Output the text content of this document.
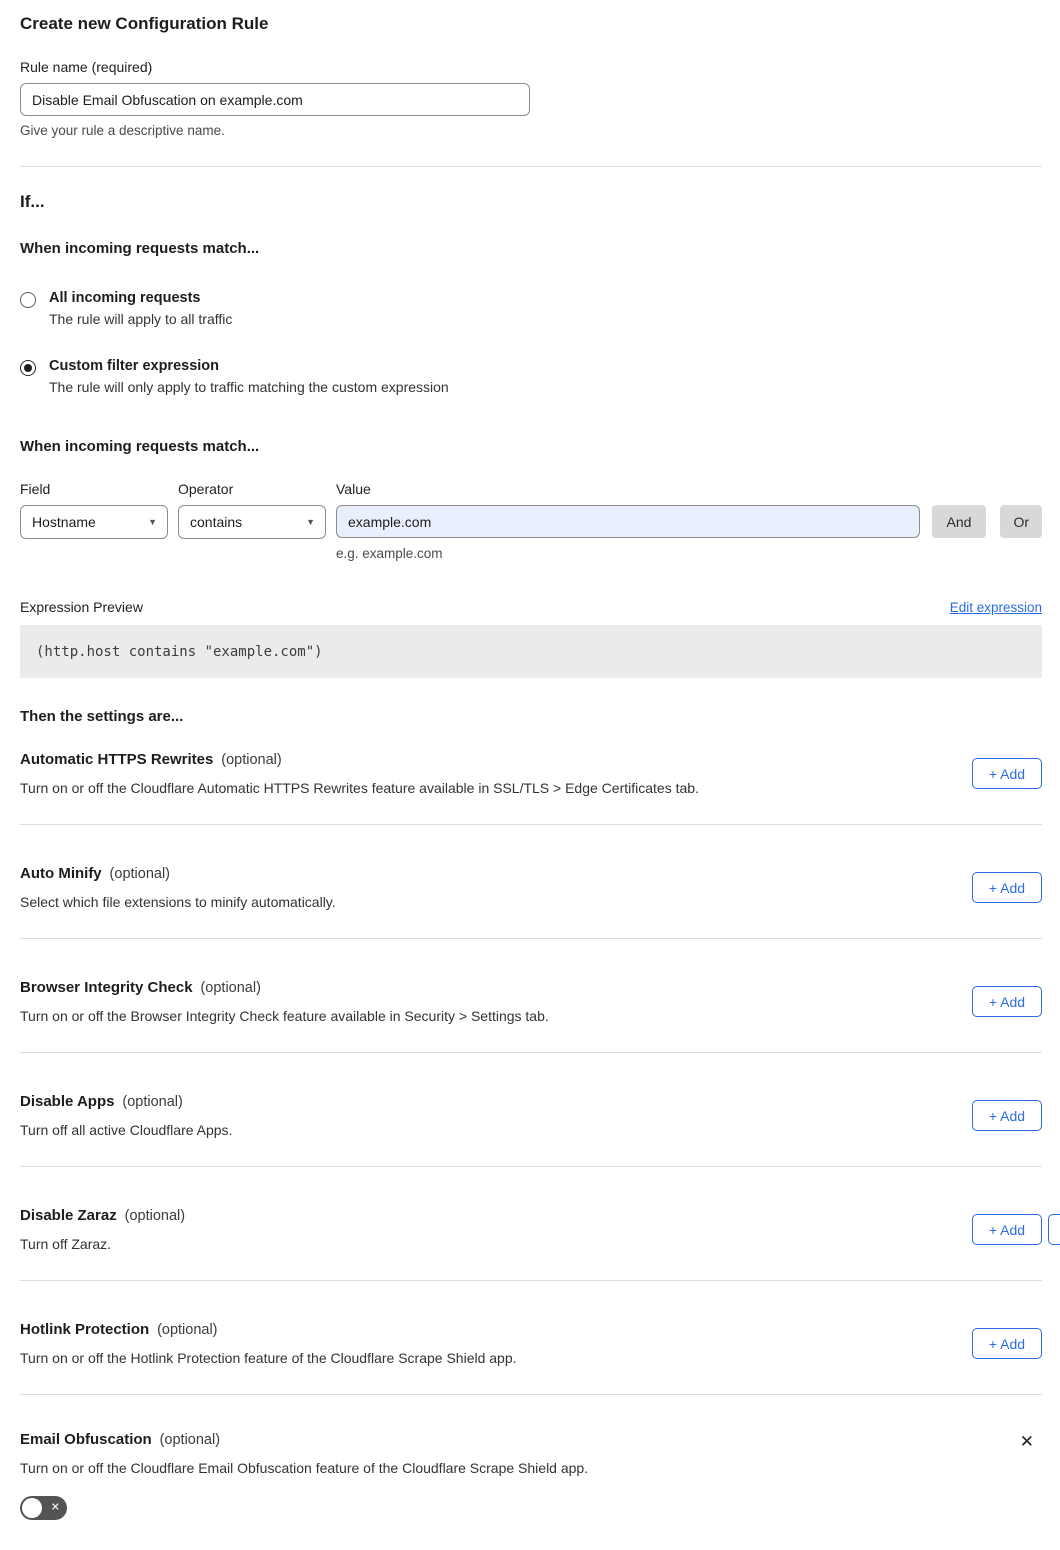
Create new Configuration Rule
Rule name (required)
Disable Email Obfuscation on example.com
Give your rule a descriptive name.
If...
When incoming requests match...
All incoming requests
The rule will apply to all traffic
Custom filter expression
The rule will only apply to traffic matching the custom expression
When incoming requests match...
Field
Hostname	▼
Operator
contains	▼
Value
example.com
e.g. example.com
And	Or
Expression Preview	Edit expression
(http.host contains "example.com")
Then the settings are...
Automatic HTTPS Rewrites (optional)

Turn on or off the Cloudflare Automatic HTTPS Rewrites feature available in SSL/TLS > Edge Certificates tab.

+ Add
Auto Minify (optional)

Select which file extensions to minify automatically.

+ Add
Browser Integrity Check (optional)

Turn on or off the Browser Integrity Check feature available in Security > Settings tab.

+ Add
Disable Apps (optional)

Turn off all active Cloudflare Apps.

+ Add
Disable Zaraz (optional)

Turn off Zaraz.

+ Add
Hotlink Protection (optional)

Turn on or off the Hotlink Protection feature of the Cloudflare Scrape Shield app.

+ Add
Email Obfuscation (optional)	✕

Turn on or off the Cloudflare Email Obfuscation feature of the Cloudflare Scrape Shield app.

✕
